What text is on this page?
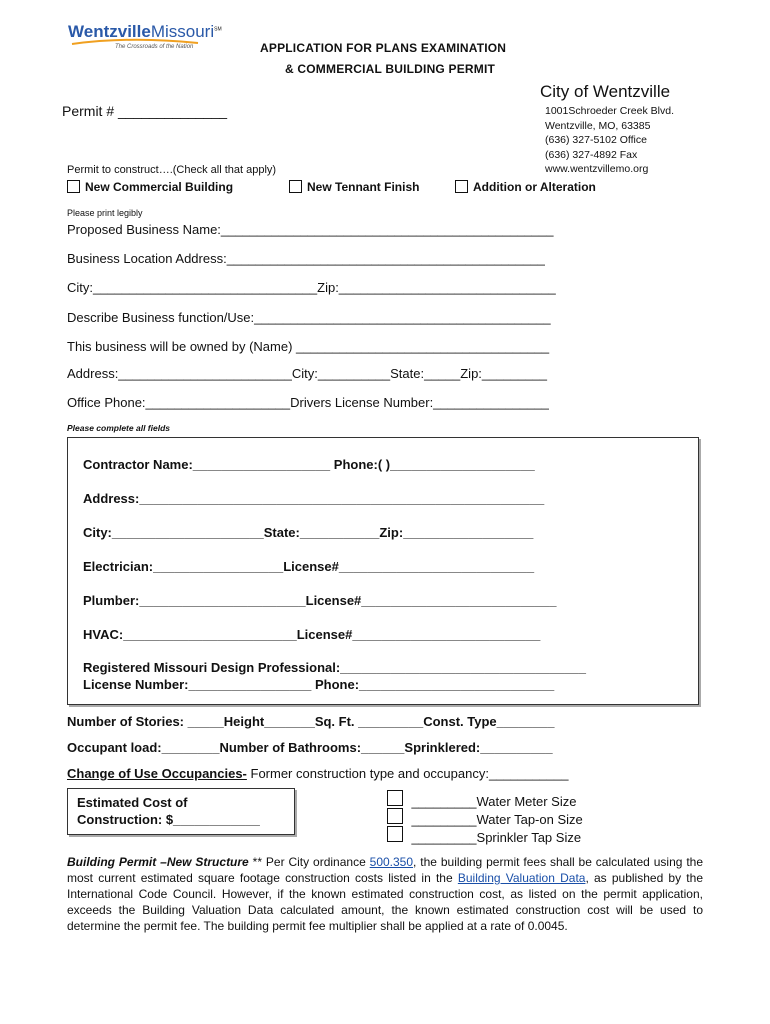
WentzvilleMissouri℠
The Crossroads of the Nation	APPLICATION FOR PLANS EXAMINATION
& COMMERCIAL BUILDING PERMIT
City of Wentzville
1001Schroeder Creek Blvd.
Wentzville, MO, 63385
(636) 327-5102 Office
(636) 327-4892 Fax
www.wentzvillemo.org
Permit # ______________
Permit to construct….(Check all that apply)
New Commercial Building	New Tennant Finish	Addition or Alteration
Please print legibly
Proposed Business Name:______________________________________________
Business Location Address:____________________________________________
City:_______________________________Zip:______________________________
Describe Business function/Use:_________________________________________
This business will be owned by (Name) ___________________________________
Address:________________________City:__________State:_____Zip:_________
Office Phone:____________________Drivers License Number:________________
Please complete all fields
Contractor Name:___________________ Phone:( )____________________
Address:________________________________________________________
City:_____________________State:___________Zip:__________________
Electrician:__________________License#___________________________
Plumber:_______________________License#___________________________
HVAC:________________________License#__________________________
Registered Missouri Design Professional:__________________________________
License Number:_________________ Phone:___________________________
Number of Stories: _____Height_______Sq. Ft. _________Const. Type________
Occupant load:________Number of Bathrooms:______Sprinklered:__________
Change of Use Occupancies- Former construction type and occupancy:___________
Estimated Cost of
Construction: $____________
_________Water Meter Size
_________Water Tap-on Size
_________Sprinkler Tap Size
Building Permit –New Structure ** Per City ordinance 500.350, the building permit fees shall be calculated using the most current estimated square footage construction costs listed in the Building Valuation Data, as published by the International Code Council. However, if the known estimated construction cost, as listed on the permit application, exceeds the Building Valuation Data calculated amount, the known estimated construction cost will be used to determine the permit fee. The building permit fee multiplier shall be applied at a rate of 0.0045.
